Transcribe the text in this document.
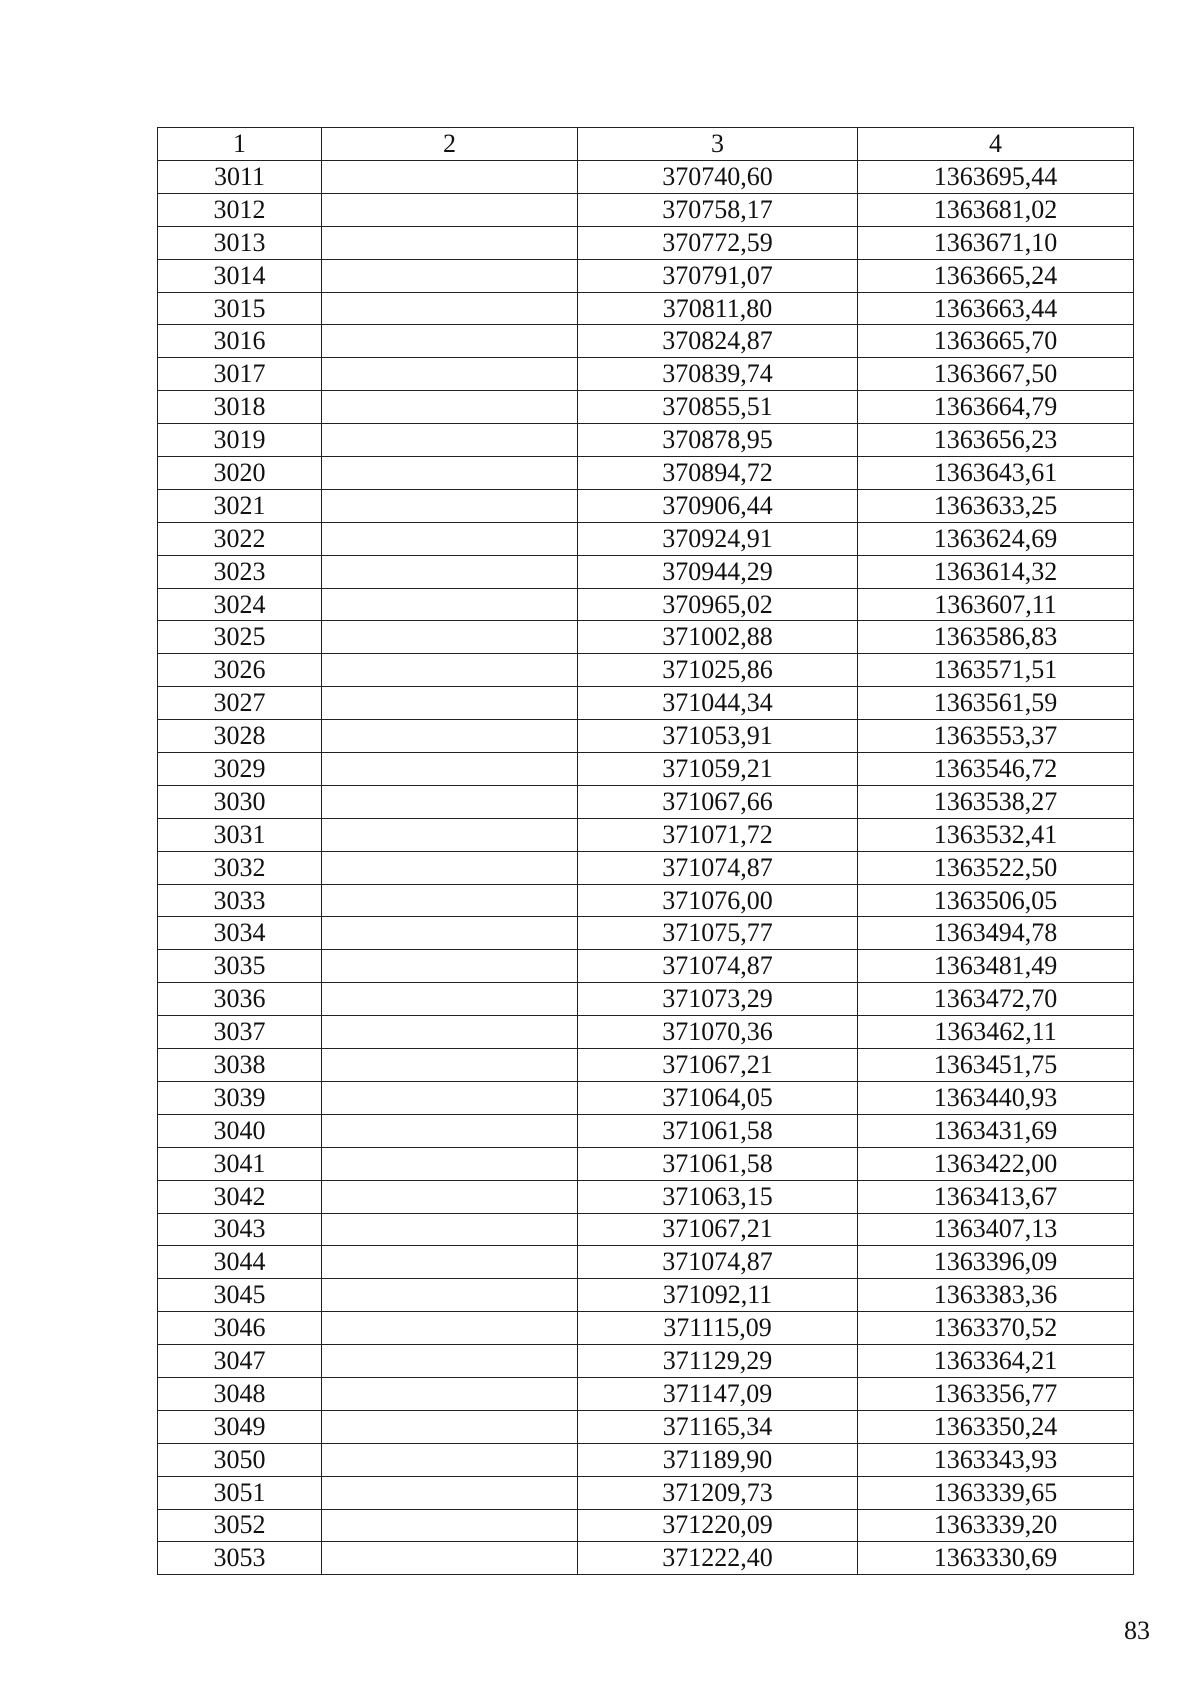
1	2	3	4
3011		370740,60	1363695,44
3012		370758,17	1363681,02
3013		370772,59	1363671,10
3014		370791,07	1363665,24
3015		370811,80	1363663,44
3016		370824,87	1363665,70
3017		370839,74	1363667,50
3018		370855,51	1363664,79
3019		370878,95	1363656,23
3020		370894,72	1363643,61
3021		370906,44	1363633,25
3022		370924,91	1363624,69
3023		370944,29	1363614,32
3024		370965,02	1363607,11
3025		371002,88	1363586,83
3026		371025,86	1363571,51
3027		371044,34	1363561,59
3028		371053,91	1363553,37
3029		371059,21	1363546,72
3030		371067,66	1363538,27
3031		371071,72	1363532,41
3032		371074,87	1363522,50
3033		371076,00	1363506,05
3034		371075,77	1363494,78
3035		371074,87	1363481,49
3036		371073,29	1363472,70
3037		371070,36	1363462,11
3038		371067,21	1363451,75
3039		371064,05	1363440,93
3040		371061,58	1363431,69
3041		371061,58	1363422,00
3042		371063,15	1363413,67
3043		371067,21	1363407,13
3044		371074,87	1363396,09
3045		371092,11	1363383,36
3046		371115,09	1363370,52
3047		371129,29	1363364,21
3048		371147,09	1363356,77
3049		371165,34	1363350,24
3050		371189,90	1363343,93
3051		371209,73	1363339,65
3052		371220,09	1363339,20
3053		371222,40	1363330,69
83
